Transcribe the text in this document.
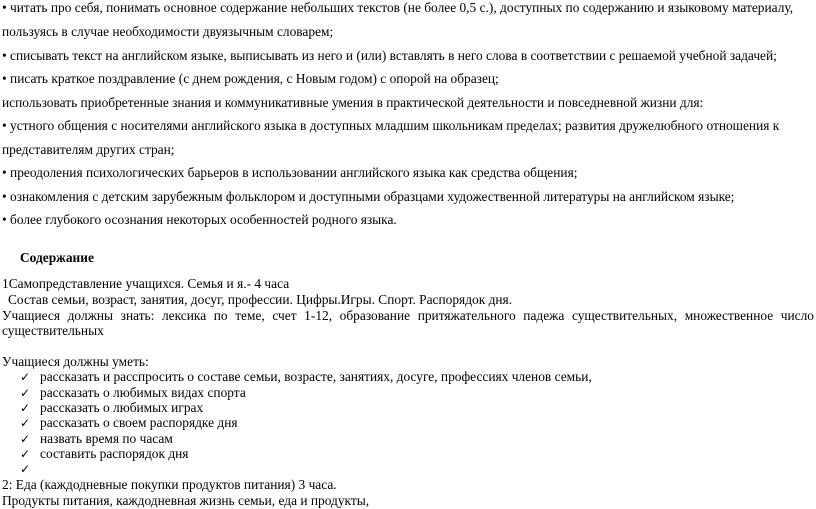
• читать про себя, понимать основное содержание небольших текстов (не более 0,5 с.), доступных по содержанию и языковому материалу,
пользуясь в случае необходимости двуязычным словарем;
• списывать текст на английском языке, выписывать из него и (или) вставлять в него слова в соответствии с решаемой учебной задачей;
• писать краткое поздравление (с днем рождения, с Новым годом) с опорой на образец;
использовать приобретенные знания и коммуникативные умения в практической деятельности и повседневной жизни для:
• устного общения с носителями английского языка в доступных младшим школьникам пределах; развития дружелюбного отношения к
представителям других стран;
• преодоления психологических барьеров в использовании английского языка как средства общения;
• ознакомления с детским зарубежным фольклором и доступными образцами художественной литературы на английском языке;
• более глубокого осознания некоторых особенностей родного языка.
Содержание
1Самопредставление учащихся. Семья и я.- 4 часа
Состав семьи, возраст, занятия, досуг, профессии. Цифры.Игры. Спорт. Распорядок дня.
Учащиеся должны знать: лексика по теме, счет 1-12, образование притяжательного падежа существительных, множественное число
существительных
Учащиеся должны уметь:
✓ рассказать и расспросить о составе семьи, возрасте, занятиях, досуге, профессиях членов семьи,
✓ рассказать о любимых видах спорта
✓ рассказать о любимых играх
✓ рассказать о своем распорядке дня
✓ назвать время по часам
✓ составить распорядок дня
✓
2: Еда (каждодневные покупки продуктов питания) 3 часа.
Продукты питания, каждодневная жизнь семьи, еда и продукты,
